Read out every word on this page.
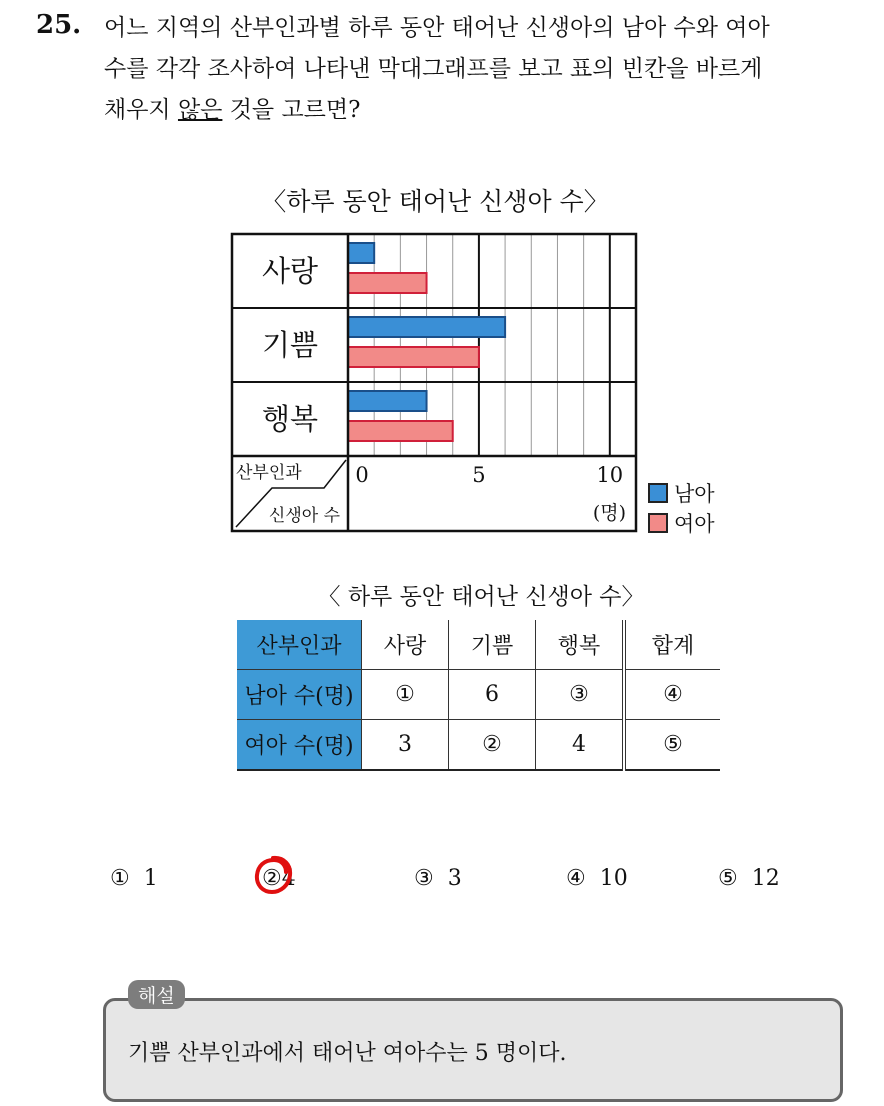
25. 어느 지역의 산부인과별 하루 동안 태어난 신생아의 남아 수와 여아
수를 각각 조사하여 나타낸 막대그래프를 보고 표의 빈칸을 바르게
채우지 않은 것을 고르면?
〈하루 동안 태어난 신생아 수〉
사랑
기쁨
행복
0	5	10
(명)
산부인과
신생아 수
남아
여아
〈 하루 동안 태어난 신생아 수〉
산부인과	사랑	기쁨	행복	합계
남아 수(명)	①	6	③	④
여아 수(명)	3	②	4	⑤
① 1	②4	③ 3	④ 10	⑤ 12
해설
기쁨 산부인과에서 태어난 여아수는 5 명이다.
